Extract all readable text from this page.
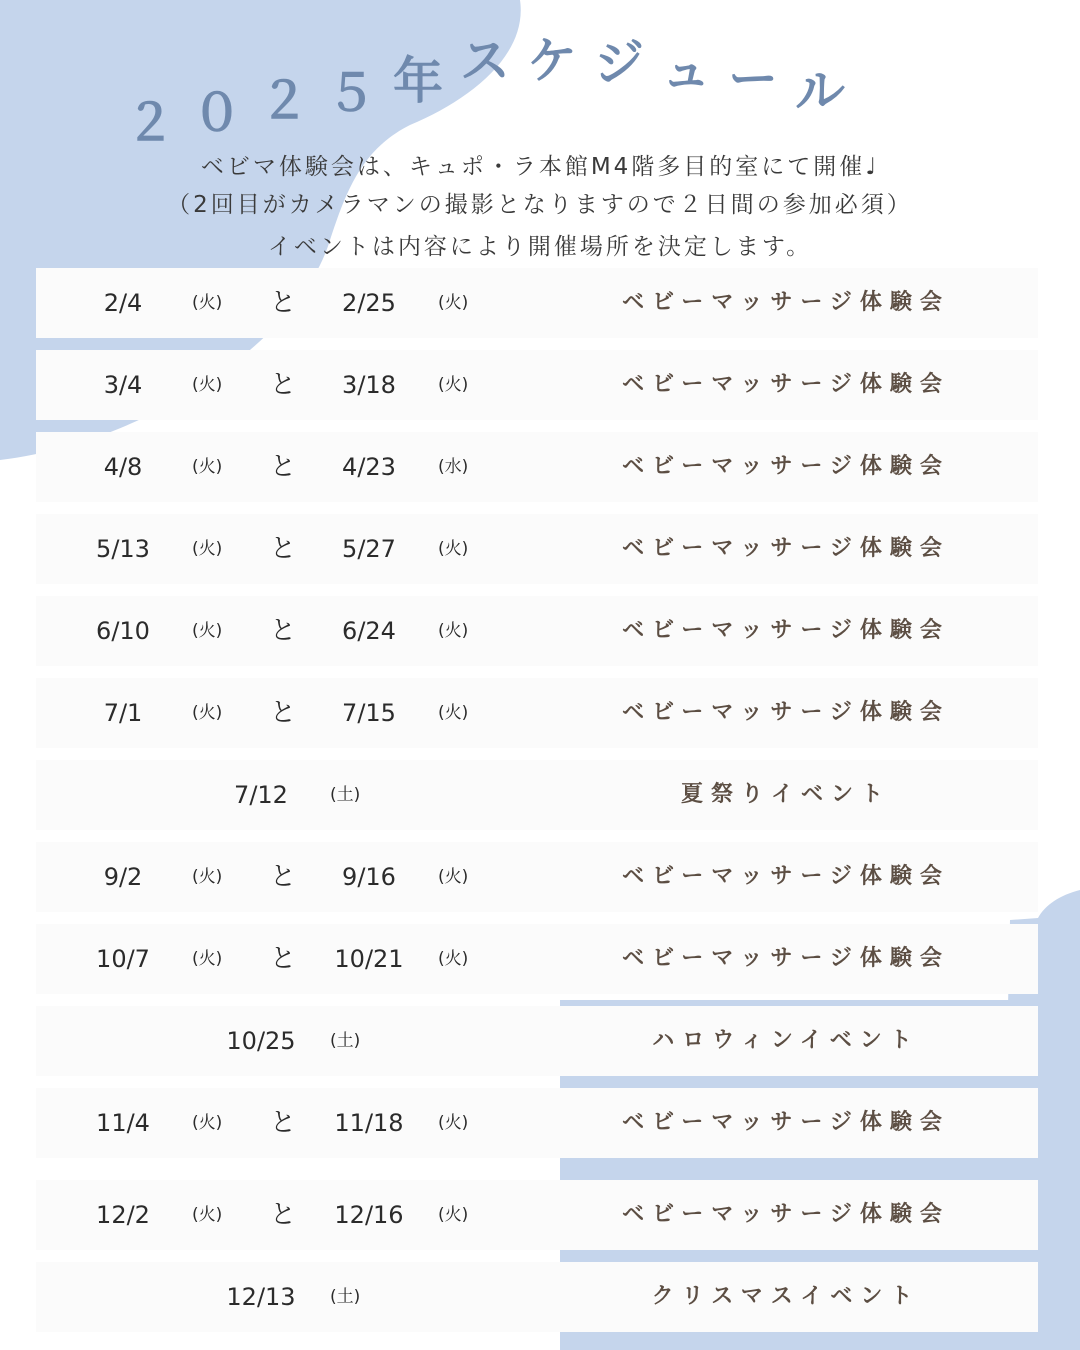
２ ０ ２ ５ 年 ス ケ ジ ュ ー ル
ベビマ体験会は、キュポ・ラ本館M4階多目的室にて開催♩
（2回目がカメラマンの撮影となりますので２日間の参加必須）
イベントは内容により開催場所を決定します。
2/4	(火) と	2/25	(火)	ベビーマッサージ体験会
3/4	(火) と	3/18	(火)	ベビーマッサージ体験会
4/8	(火) と	4/23	(水)	ベビーマッサージ体験会
5/13	(火) と	5/27	(火)	ベビーマッサージ体験会
6/10	(火) と	6/24	(火)	ベビーマッサージ体験会
7/1	(火) と	7/15	(火)	ベビーマッサージ体験会
7/12	(土)	夏祭りイベント
9/2	(火) と	9/16	(火)	ベビーマッサージ体験会
10/7	(火) と	10/21	(火)	ベビーマッサージ体験会
10/25	(土)	ハロウィンイベント
11/4	(火) と	11/18	(火)	ベビーマッサージ体験会
12/2	(火) と	12/16	(火)	ベビーマッサージ体験会
12/13	(土)	クリスマスイベント
